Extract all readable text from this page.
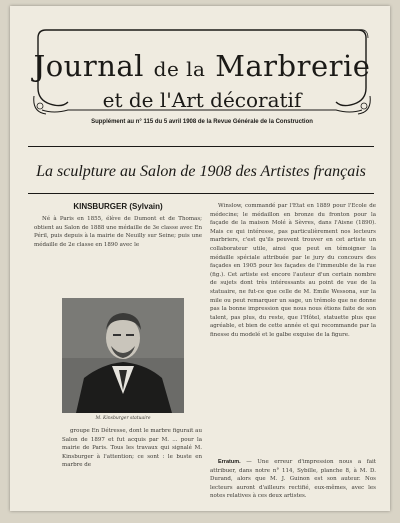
Journal de la Marbrerie
et de l'Art décoratif
Supplément au n° 115 du 5 avril 1908 de la Revue Générale de la Construction
La sculpture au Salon de 1908 des Artistes français
KINSBURGER (Sylvain)

Né à Paris en 1855, élève de Dumont et de Thomas; obtient au Salon de 1888 une médaille de 3e classe avec En Péril, puis depuis à la mairie de Neuilly sur Seine; puis une médaille de 2e classe en 1890 avec le

M. Kinsburger statuaire

groupe En Détresse, dont le marbre figurait au Salon de 1897 et fut acquis par M. ... pour la mairie de Paris. Tous les travaux qui signalé M. Kinsburger à l'attention; ce sont : le buste en marbre de

Winslow, commandé par l'Etat en 1889 pour l'Ecole de médecine; le médaillon en bronze du fronton pour la façade de la maison Molé à Sèvres, dans l'Aisne (1890). Mais ce qui intéresse, pas particulièrement nos lecteurs marbriers, c'est qu'ils peuvent trouver en cet artiste un collaborateur utile, ainsi que peut en témoigner la médaille spéciale attribuée par le jury du concours des façades en 1905 pour les façades de l'immeuble de la rue (fig.). Cet artiste est encore l'auteur d'un certain nombre de sujets dont très intéressants au point de vue de la statuaire, ne fut-ce que celle de M. Emile Wessona, sur la mile ou peut remarquer un sage, un trémolo que ne donne pas la bonne impression que nous nous étions faite de son talent, pas plus, du reste, que l'Hôtel, statuette plus que agréable, et bien de cette année et qui recommande par la finesse du modelé et le galbe exquise de la figure.

Erratum. — Une erreur d'impression nous a fait attribuer, dans notre n° 114, Sybille, planche 8, à M. D. Durand, alors que M. J. Guinon est son auteur. Nos lecteurs auront d'ailleurs rectifié, eux-mêmes, avec les notes relatives à ces deux artistes.
